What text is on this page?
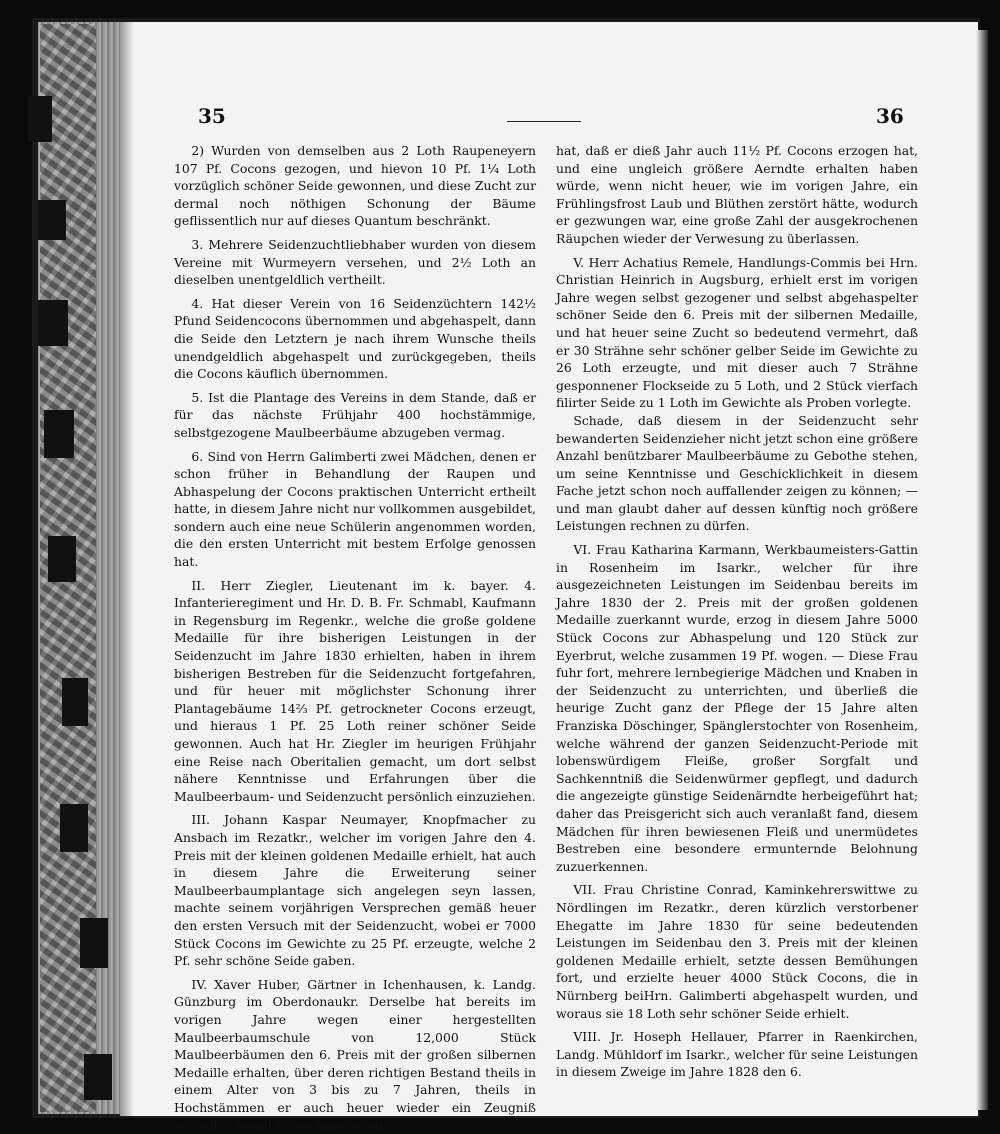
35	36

2) Wurden von demselben aus 2 Loth Raupeneyern 107 Pf. Cocons gezogen, und hievon 10 Pf. 1¼ Loth vorzüglich schöner Seide gewonnen, und diese Zucht zur dermal noch nöthigen Schonung der Bäume geflissentlich nur auf dieses Quantum beschränkt.

3. Mehrere Seidenzuchtliebhaber wurden von diesem Vereine mit Wurmeyern versehen, und 2½ Loth an dieselben unentgeldlich vertheilt.

4. Hat dieser Verein von 16 Seidenzüchtern 142½ Pfund Seidencocons übernommen und abgehaspelt, dann die Seide den Letztern je nach ihrem Wunsche theils unendgeldlich abgehaspelt und zurückgegeben, theils die Cocons käuflich übernommen.

5. Ist die Plantage des Vereins in dem Stande, daß er für das nächste Frühjahr 400 hochstämmige, selbstgezogene Maulbeerbäume abzugeben vermag.

6. Sind von Herrn Galimberti zwei Mädchen, denen er schon früher in Behandlung der Raupen und Abhaspelung der Cocons praktischen Unterricht ertheilt hatte, in diesem Jahre nicht nur vollkommen ausgebildet, sondern auch eine neue Schülerin angenommen worden, die den ersten Unterricht mit bestem Erfolge genossen hat.

II. Herr Ziegler, Lieutenant im k. bayer. 4. Infanterieregiment und Hr. D. B. Fr. Schmabl, Kaufmann in Regensburg im Regenkr., welche die große goldene Medaille für ihre bisherigen Leistungen in der Seidenzucht im Jahre 1830 erhielten, haben in ihrem bisherigen Bestreben für die Seidenzucht fortgefahren, und für heuer mit möglichster Schonung ihrer Plantagebäume 14⅔ Pf. getrockneter Cocons erzeugt, und hieraus 1 Pf. 25 Loth reiner schöner Seide gewonnen. Auch hat Hr. Ziegler im heurigen Frühjahr eine Reise nach Oberitalien gemacht, um dort selbst nähere Kenntnisse und Erfahrungen über die Maulbeerbaum- und Seidenzucht persönlich einzuziehen.

III. Johann Kaspar Neumayer, Knopfmacher zu Ansbach im Rezatkr., welcher im vorigen Jahre den 4. Preis mit der kleinen goldenen Medaille erhielt, hat auch in diesem Jahre die Erweiterung seiner Maulbeerbaumplantage sich angelegen seyn lassen, machte seinem vorjährigen Versprechen gemäß heuer den ersten Versuch mit der Seidenzucht, wobei er 7000 Stück Cocons im Gewichte zu 25 Pf. erzeugte, welche 2 Pf. sehr schöne Seide gaben.

IV. Xaver Huber, Gärtner in Ichenhausen, k. Landg. Günzburg im Oberdonaukr. Derselbe hat bereits im vorigen Jahre wegen einer hergestellten Maulbeerbaumschule von 12,000 Stück Maulbeerbäumen den 6. Preis mit der großen silbernen Medaille erhalten, über deren richtigen Bestand theils in einem Alter von 3 bis zu 7 Jahren, theils in Hochstämmen er auch heuer wieder ein Zeugniß vorlegte, womit er nachgewiesen

hat, daß er dieß Jahr auch 11½ Pf. Cocons erzogen hat, und eine ungleich größere Aerndte erhalten haben würde, wenn nicht heuer, wie im vorigen Jahre, ein Frühlingsfrost Laub und Blüthen zerstört hätte, wodurch er gezwungen war, eine große Zahl der ausgekrochenen Räupchen wieder der Verwesung zu überlassen.

V. Herr Achatius Remele, Handlungs-Commis bei Hrn. Christian Heinrich in Augsburg, erhielt erst im vorigen Jahre wegen selbst gezogener und selbst abgehaspelter schöner Seide den 6. Preis mit der silbernen Medaille, und hat heuer seine Zucht so bedeutend vermehrt, daß er 30 Strähne sehr schöner gelber Seide im Gewichte zu 26 Loth erzeugte, und mit dieser auch 7 Strähne gesponnener Flockseide zu 5 Loth, und 2 Stück vierfach filirter Seide zu 1 Loth im Gewichte als Proben vorlegte.

Schade, daß diesem in der Seidenzucht sehr bewanderten Seidenzieher nicht jetzt schon eine größere Anzahl benützbarer Maulbeerbäume zu Gebothe stehen, um seine Kenntnisse und Geschicklichkeit in diesem Fache jetzt schon noch auffallender zeigen zu können; — und man glaubt daher auf dessen künftig noch größere Leistungen rechnen zu dürfen.

VI. Frau Katharina Karmann, Werkbaumeisters-Gattin in Rosenheim im Isarkr., welcher für ihre ausgezeichneten Leistungen im Seidenbau bereits im Jahre 1830 der 2. Preis mit der großen goldenen Medaille zuerkannt wurde, erzog in diesem Jahre 5000 Stück Cocons zur Abhaspelung und 120 Stück zur Eyerbrut, welche zusammen 19 Pf. wogen. — Diese Frau fuhr fort, mehrere lernbegierige Mädchen und Knaben in der Seidenzucht zu unterrichten, und überließ die heurige Zucht ganz der Pflege der 15 Jahre alten Franziska Döschinger, Spänglerstochter von Rosenheim, welche während der ganzen Seidenzucht-Periode mit lobenswürdigem Fleiße, großer Sorgfalt und Sachkenntniß die Seidenwürmer gepflegt, und dadurch die angezeigte günstige Seidenärndte herbeigeführt hat; daher das Preisgericht sich auch veranlaßt fand, diesem Mädchen für ihren bewiesenen Fleiß und unermüdetes Bestreben eine besondere ermunternde Belohnung zuzuerkennen.

VII. Frau Christine Conrad, Kaminkehrerswittwe zu Nördlingen im Rezatkr., deren kürzlich verstorbener Ehegatte im Jahre 1830 für seine bedeutenden Leistungen im Seidenbau den 3. Preis mit der kleinen goldenen Medaille erhielt, setzte dessen Bemühungen fort, und erzielte heuer 4000 Stück Cocons, die in Nürnberg beiHrn. Galimberti abgehaspelt wurden, und woraus sie 18 Loth sehr schöner Seide erhielt.

VIII. Jr. Hoseph Hellauer, Pfarrer in Raenkirchen, Landg. Mühldorf im Isarkr., welcher für seine Leistungen in diesem Zweige im Jahre 1828 den 6.
